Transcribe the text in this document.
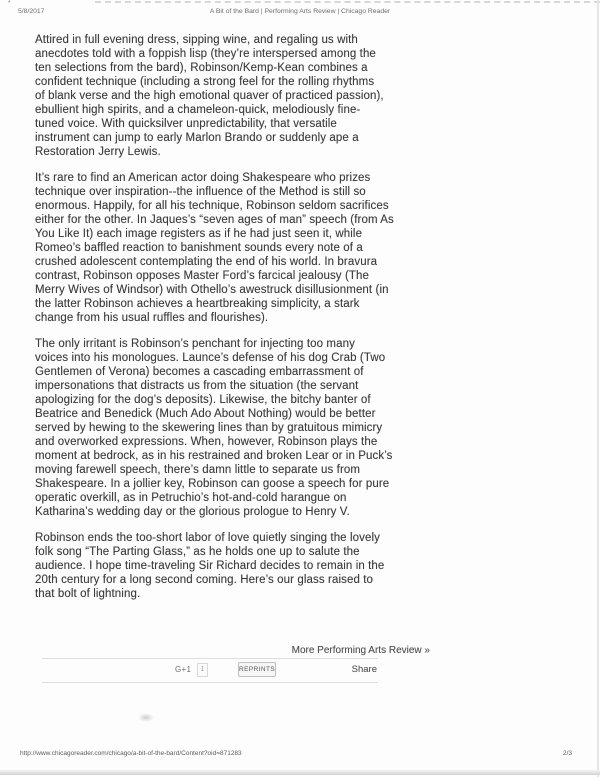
*
5/8/2017	A Bit of the Bard | Performing Arts Review | Chicago Reader
Attired in full evening dress, sipping wine, and regaling us with
anecdotes told with a foppish lisp (they’re interspersed among the
ten selections from the bard), Robinson/Kemp-Kean combines a
confident technique (including a strong feel for the rolling rhythms
of blank verse and the high emotional quaver of practiced passion),
ebullient high spirits, and a chameleon-quick, melodiously fine-
tuned voice. With quicksilver unpredictability, that versatile
instrument can jump to early Marlon Brando or suddenly ape a
Restoration Jerry Lewis.
It’s rare to find an American actor doing Shakespeare who prizes
technique over inspiration--the influence of the Method is still so
enormous. Happily, for all his technique, Robinson seldom sacrifices
either for the other. In Jaques’s “seven ages of man” speech (from As
You Like It) each image registers as if he had just seen it, while
Romeo’s baffled reaction to banishment sounds every note of a
crushed adolescent contemplating the end of his world. In bravura
contrast, Robinson opposes Master Ford’s farcical jealousy (The
Merry Wives of Windsor) with Othello’s awestruck disillusionment (in
the latter Robinson achieves a heartbreaking simplicity, a stark
change from his usual ruffles and flourishes).
The only irritant is Robinson’s penchant for injecting too many
voices into his monologues. Launce’s defense of his dog Crab (Two
Gentlemen of Verona) becomes a cascading embarrassment of
impersonations that distracts us from the situation (the servant
apologizing for the dog’s deposits). Likewise, the bitchy banter of
Beatrice and Benedick (Much Ado About Nothing) would be better
served by hewing to the skewering lines than by gratuitous mimicry
and overworked expressions. When, however, Robinson plays the
moment at bedrock, as in his restrained and broken Lear or in Puck’s
moving farewell speech, there’s damn little to separate us from
Shakespeare. In a jollier key, Robinson can goose a speech for pure
operatic overkill, as in Petruchio’s hot-and-cold harangue on
Katharina’s wedding day or the glorious prologue to Henry V.
Robinson ends the too-short labor of love quietly singing the lovely
folk song “The Parting Glass,” as he holds one up to salute the
audience. I hope time-traveling Sir Richard decides to remain in the
20th century for a long second coming. Here’s our glass raised to
that bolt of lightning.
More Performing Arts Review »
G+1	1	REPRINTS	Share
http://www.chicagoreader.com/chicago/a-bit-of-the-bard/Content?oid=871283	2/3
